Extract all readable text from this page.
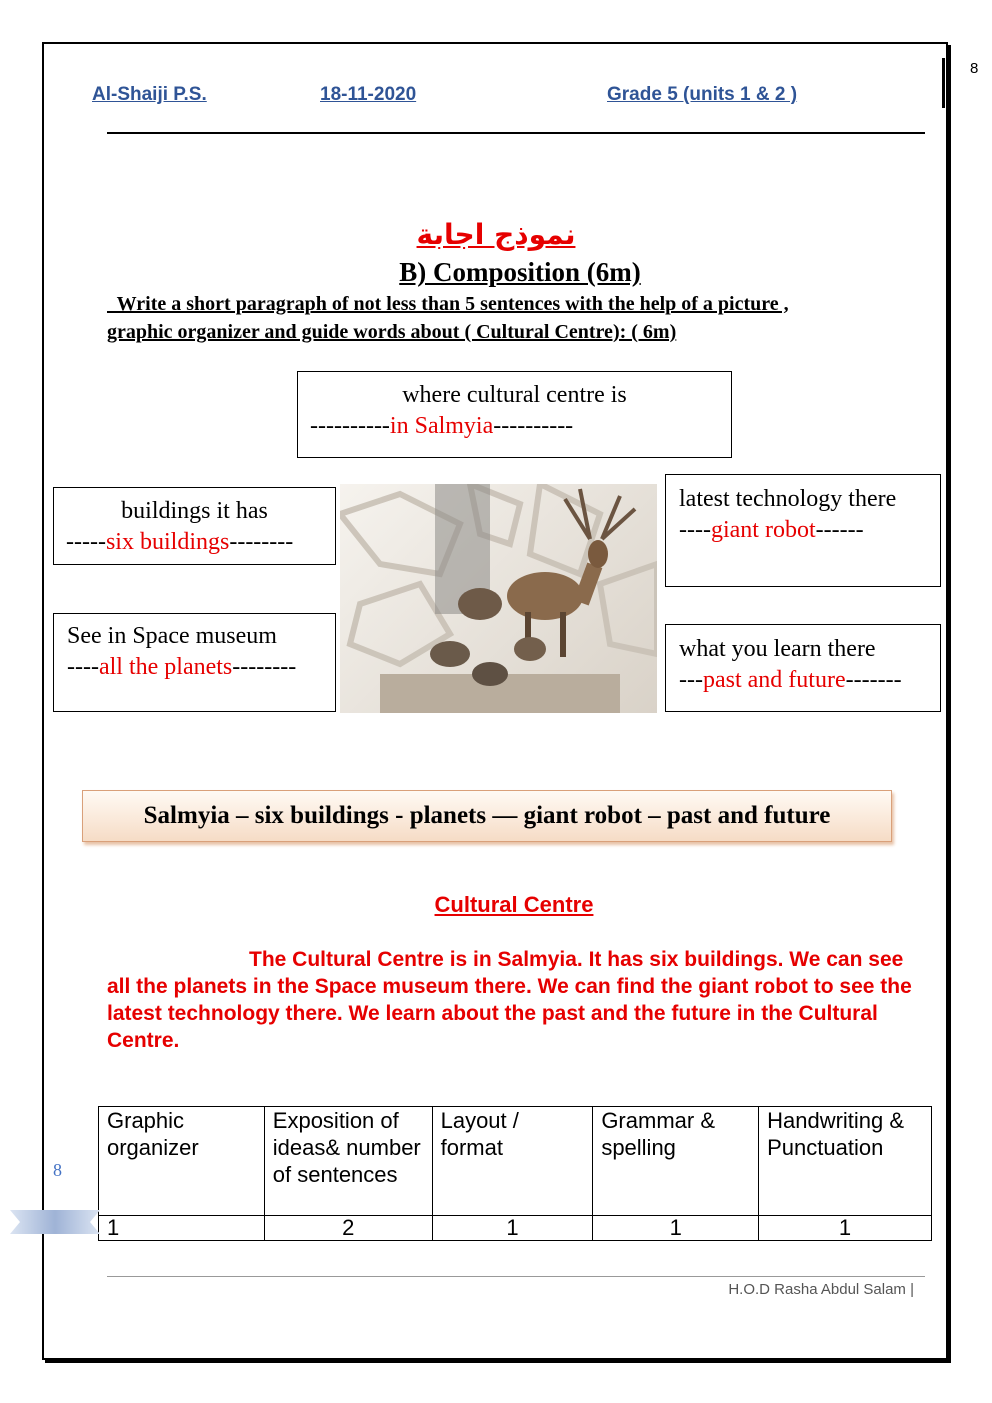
8
Al-Shaiji P.S.	18-11-2020	Grade 5 (units 1 & 2 )
نموذج اجابة
B) Composition (6m)
Write a short paragraph of not less than 5 sentences with the help of a picture ,
graphic organizer and guide words about ( Cultural Centre): ( 6m)
where cultural centre is
----------in Salmyia----------
buildings it has
-----six buildings--------
See in Space museum
----all the planets--------
latest technology there
----giant robot------
what you learn there
---past and future-------
Salmyia – six buildings - planets — giant robot – past and future
Cultural Centre
The Cultural Centre is in Salmyia. It has six buildings. We can see all the planets in the Space museum there. We can find the giant robot to see the latest technology there. We learn about the past and the future in the Cultural Centre.
Graphic organizer	Exposition of ideas& number of sentences	Layout / format	Grammar & spelling	Handwriting & Punctuation
1	2	1	1	1
8
H.O.D Rasha Abdul Salam |
